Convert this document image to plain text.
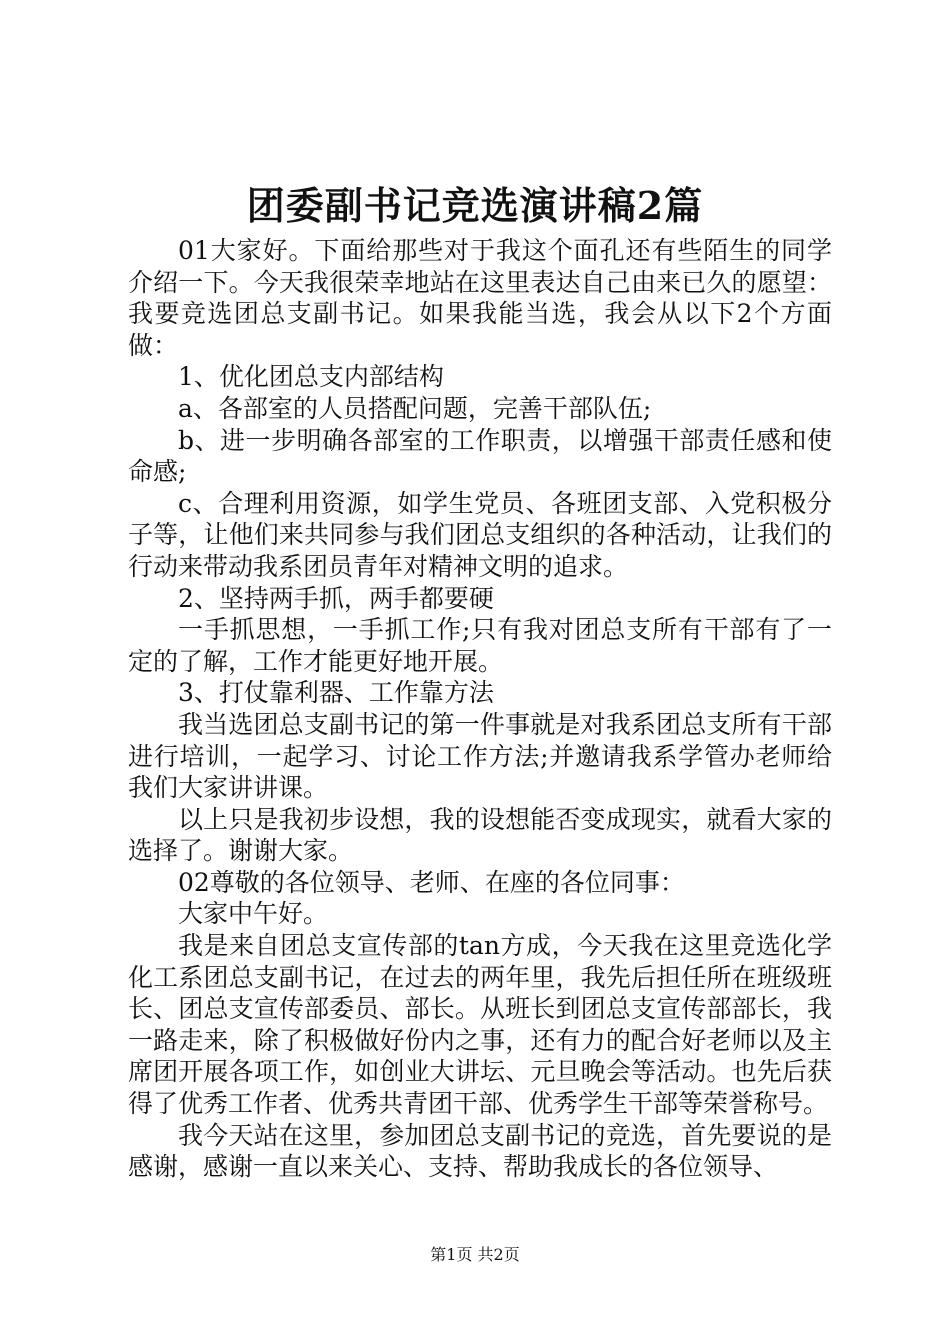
团委副书记竞选演讲稿2篇

01大家好。下面给那些对于我这个面孔还有些陌生的同学介绍一下。今天我很荣幸地站在这里表达自己由来已久的愿望：我要竞选团总支副书记。如果我能当选，我会从以下2个方面做：

1、优化团总支内部结构

a、各部室的人员搭配问题，完善干部队伍;

b、进一步明确各部室的工作职责，以增强干部责任感和使命感;

c、合理利用资源，如学生党员、各班团支部、入党积极分子等，让他们来共同参与我们团总支组织的各种活动，让我们的行动来带动我系团员青年对精神文明的追求。

2、坚持两手抓，两手都要硬

一手抓思想，一手抓工作;只有我对团总支所有干部有了一定的了解，工作才能更好地开展。

3、打仗靠利器、工作靠方法

我当选团总支副书记的第一件事就是对我系团总支所有干部进行培训，一起学习、讨论工作方法;并邀请我系学管办老师给我们大家讲讲课。

以上只是我初步设想，我的设想能否变成现实，就看大家的选择了。谢谢大家。

02尊敬的各位领导、老师、在座的各位同事：

大家中午好。

我是来自团总支宣传部的tan方成，今天我在这里竞选化学化工系团总支副书记，在过去的两年里，我先后担任所在班级班长、团总支宣传部委员、部长。从班长到团总支宣传部部长，我一路走来，除了积极做好份内之事，还有力的配合好老师以及主席团开展各项工作，如创业大讲坛、元旦晚会等活动。也先后获得了优秀工作者、优秀共青团干部、优秀学生干部等荣誉称号。

我今天站在这里，参加团总支副书记的竞选，首先要说的是感谢，感谢一直以来关心、支持、帮助我成长的各位领导、

第1页 共2页
